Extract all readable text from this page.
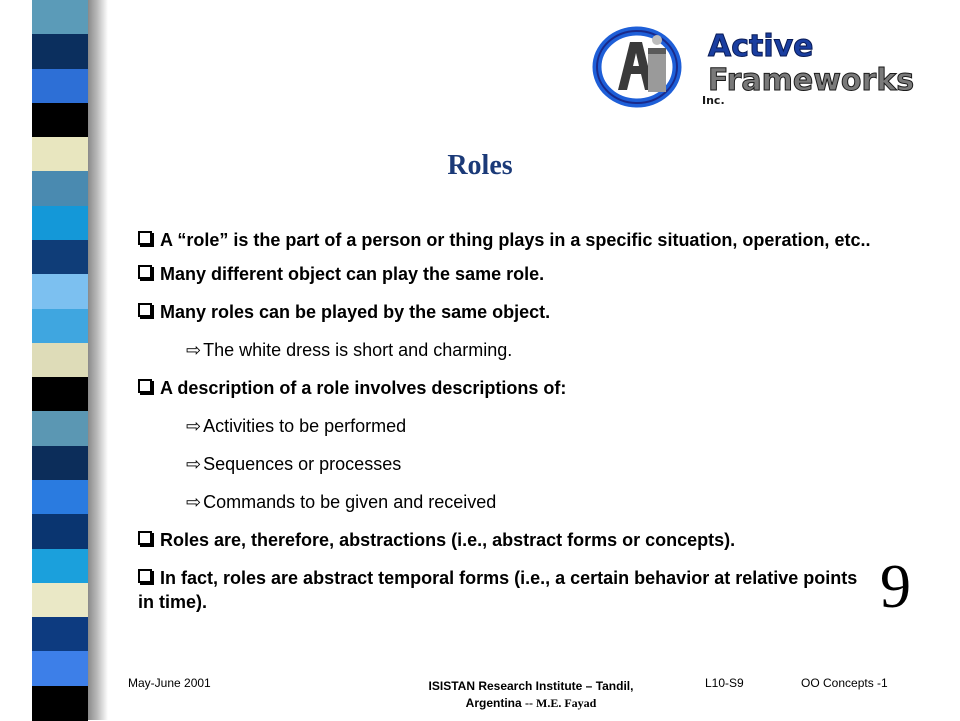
Active
Frameworks
Inc.
Roles
A “role” is the part of a person or thing plays in a specific situation, operation, etc..
Many different object can play the same role.
Many roles can be played by the same object.
⇨ The white dress is short and charming.
A description of a role involves descriptions of:
⇨ Activities to be performed
⇨ Sequences or processes
⇨ Commands to be given and received
Roles are, therefore, abstractions (i.e., abstract forms or concepts).
In fact, roles are abstract temporal forms (i.e., a certain behavior at relative points in time).	9
May-June 2001	ISISTAN Research Institute – Tandil, Argentina -- M.E. Fayad
L10-S9	OO Concepts -1
